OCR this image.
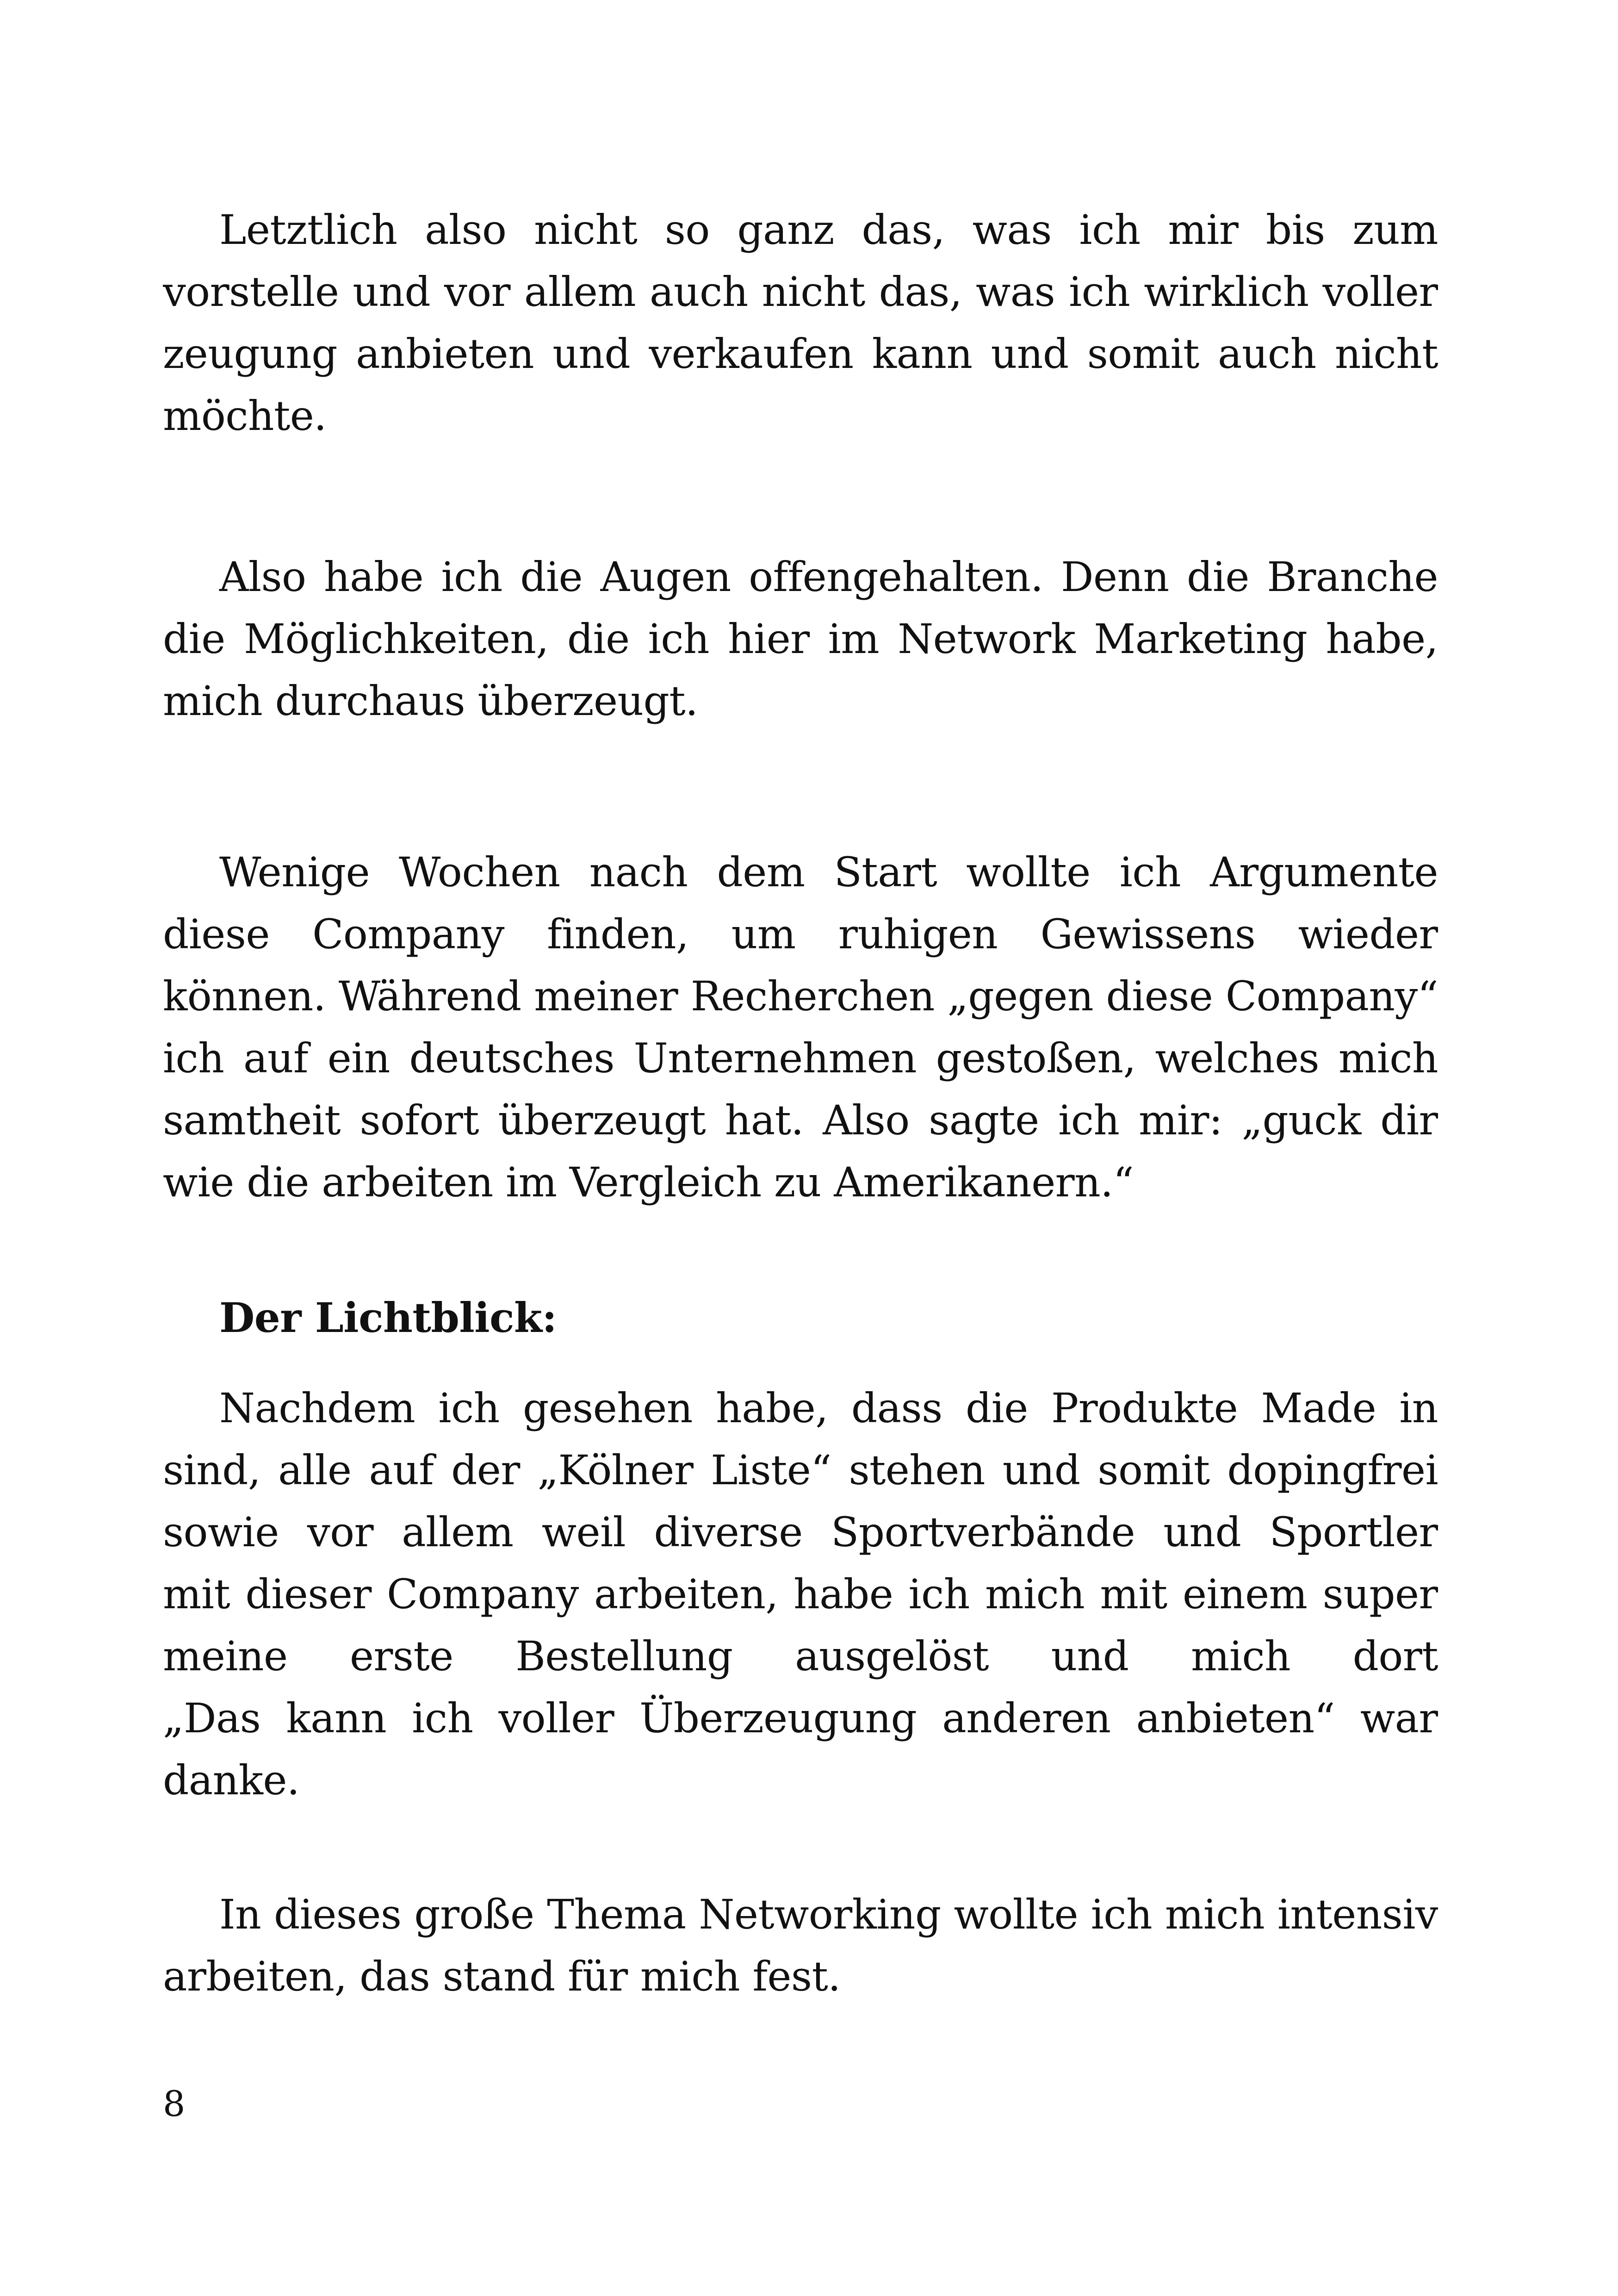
Letztlich also nicht so ganz das, was ich mir bis zum
vorstelle und vor allem auch nicht das, was ich wirklich voller
zeugung anbieten und verkaufen kann und somit auch nicht
möchte.
Also habe ich die Augen offengehalten. Denn die Branche
die Möglichkeiten, die ich hier im Network Marketing habe,
mich durchaus überzeugt.
Wenige Wochen nach dem Start wollte ich Argumente
diese Company finden, um ruhigen Gewissens wieder
können. Während meiner Recherchen „gegen diese Company“
ich auf ein deutsches Unternehmen gestoßen, welches mich
samtheit sofort überzeugt hat. Also sagte ich mir: „guck dir
wie die arbeiten im Vergleich zu Amerikanern.“
Der Lichtblick:
Nachdem ich gesehen habe, dass die Produkte Made in
sind, alle auf der „Kölner Liste“ stehen und somit dopingfrei
sowie vor allem weil diverse Sportverbände und Sportler
mit dieser Company arbeiten, habe ich mich mit einem super
meine erste Bestellung ausgelöst und mich dort
„Das kann ich voller Überzeugung anderen anbieten“ war
danke.
In dieses große Thema Networking wollte ich mich intensiv
arbeiten, das stand für mich fest.
8
